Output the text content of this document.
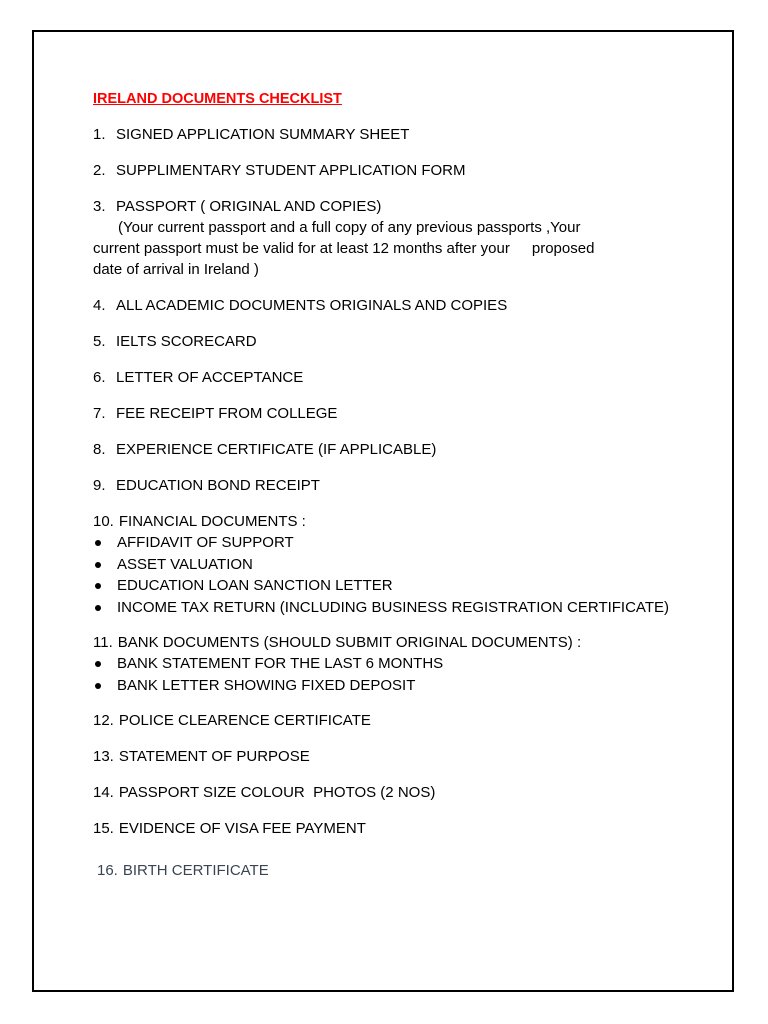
IRELAND DOCUMENTS CHECKLIST
1. SIGNED APPLICATION SUMMARY SHEET
2. SUPPLIMENTARY STUDENT APPLICATION FORM
3. PASSPORT ( ORIGINAL AND COPIES)
(Your current passport and a full copy of any previous passports ,Your
current passport must be valid for at least 12 months after your proposed
date of arrival in Ireland )
4. ALL ACADEMIC DOCUMENTS ORIGINALS AND COPIES
5. IELTS SCORECARD
6. LETTER OF ACCEPTANCE
7. FEE RECEIPT FROM COLLEGE
8. EXPERIENCE CERTIFICATE (IF APPLICABLE)
9. EDUCATION BOND RECEIPT
10. FINANCIAL DOCUMENTS :
AFFIDAVIT OF SUPPORT
ASSET VALUATION
EDUCATION LOAN SANCTION LETTER
INCOME TAX RETURN (INCLUDING BUSINESS REGISTRATION CERTIFICATE)
11. BANK DOCUMENTS (SHOULD SUBMIT ORIGINAL DOCUMENTS) :
BANK STATEMENT FOR THE LAST 6 MONTHS
BANK LETTER SHOWING FIXED DEPOSIT
12. POLICE CLEARENCE CERTIFICATE
13. STATEMENT OF PURPOSE
14. PASSPORT SIZE COLOUR  PHOTOS (2 NOS)
15. EVIDENCE OF VISA FEE PAYMENT
16. BIRTH CERTIFICATE
